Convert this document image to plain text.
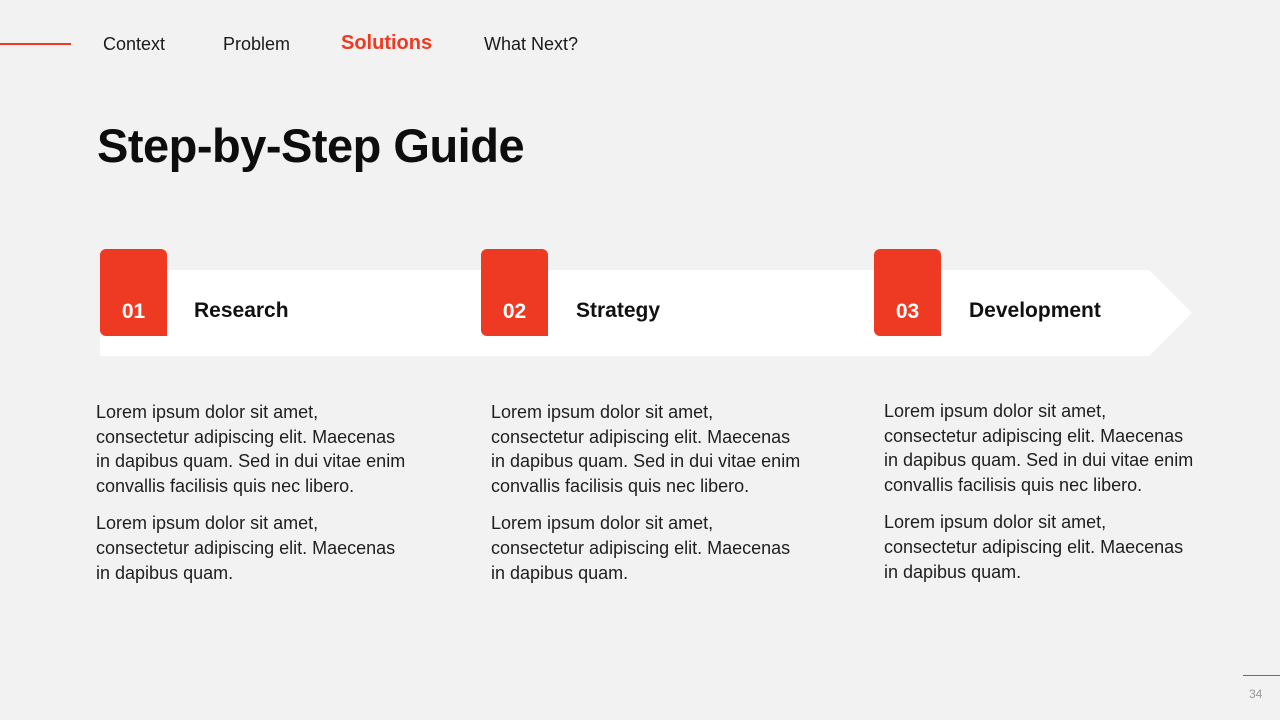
Context	Problem	Solutions	What Next?
Step-by-Step Guide
01	Research	02	Strategy	03	Development

Lorem ipsum dolor sit amet, consectetur adipiscing elit. Maecenas in dapibus quam. Sed in dui vitae enim convallis facilisis quis nec libero.

Lorem ipsum dolor sit amet, consectetur adipiscing elit. Maecenas in dapibus quam.

Lorem ipsum dolor sit amet, consectetur adipiscing elit. Maecenas in dapibus quam. Sed in dui vitae enim convallis facilisis quis nec libero.

Lorem ipsum dolor sit amet, consectetur adipiscing elit. Maecenas in dapibus quam.

Lorem ipsum dolor sit amet, consectetur adipiscing elit. Maecenas in dapibus quam. Sed in dui vitae enim convallis facilisis quis nec libero.

Lorem ipsum dolor sit amet, consectetur adipiscing elit. Maecenas in dapibus quam.

34
